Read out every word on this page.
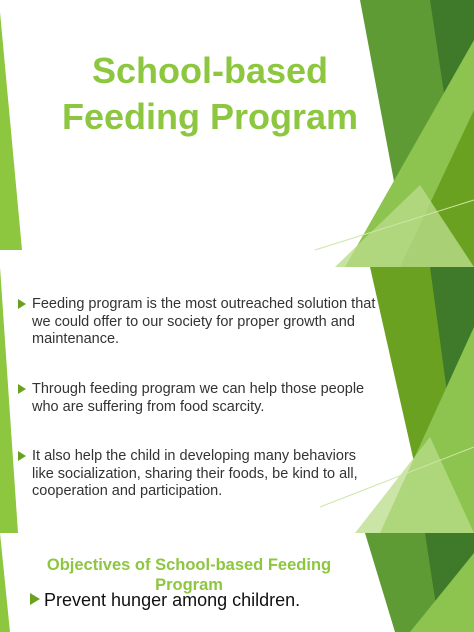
School-based Feeding Program
Feeding program is the most outreached solution that we could offer to our society for proper growth and maintenance.
Through feeding program we can help those people who are suffering from food scarcity.
It also help the child in developing many behaviors like socialization, sharing their foods, be kind to all, cooperation and participation.
Objectives of School-based Feeding Program
Prevent hunger among children.
